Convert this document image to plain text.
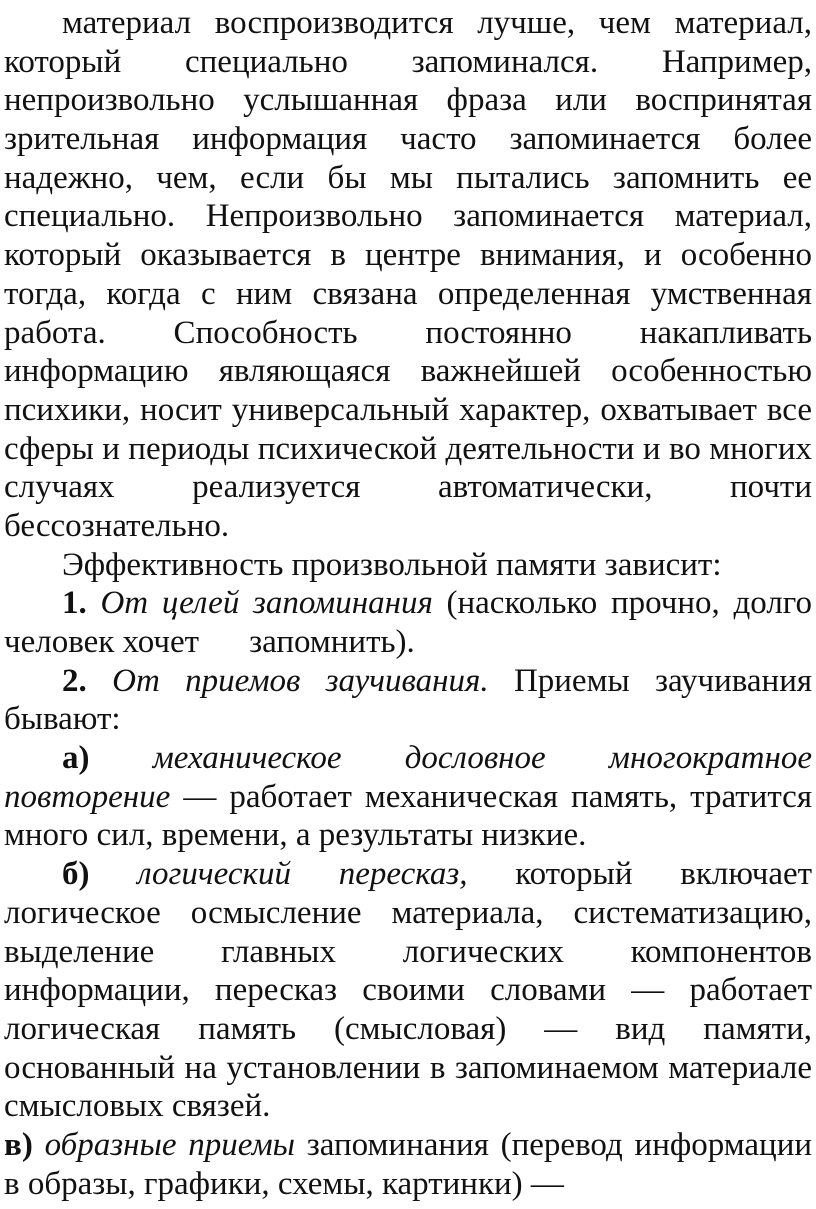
материал воспроизводится лучше, чем материал,
который специально запоминался. Например,
непроизвольно услышанная фраза или воспринятая
зрительная информация часто запоминается более
надежно, чем, если бы мы пытались запомнить ее
специально. Непроизвольно запоминается материал,
который оказывается в центре внимания, и особенно
тогда, когда с ним связана определенная умственная
работа. Способность постоянно накапливать
информацию являющаяся важнейшей особенностью
психики, носит универсальный характер, охватывает все
сферы и периоды психической деятельности и во многих
случаях реализуется автоматически, почти
бессознательно.
Эффективность произвольной памяти зависит:
1. От целей запоминания (насколько прочно, долго
человек хочет запомнить).
2. От приемов заучивания. Приемы заучивания
бывают:
а) механическое дословное многократное
повторение — работает механическая память, тратится
много сил, времени, а результаты низкие.
б) логический пересказ, который включает
логическое осмысление материала, систематизацию,
выделение главных логических компонентов
информации, пересказ своими словами — работает
логическая память (смысловая) — вид памяти,
основанный на установлении в запоминаемом материале
смысловых связей.
в) образные приемы запоминания (перевод информации
в образы, графики, схемы, картинки) —
